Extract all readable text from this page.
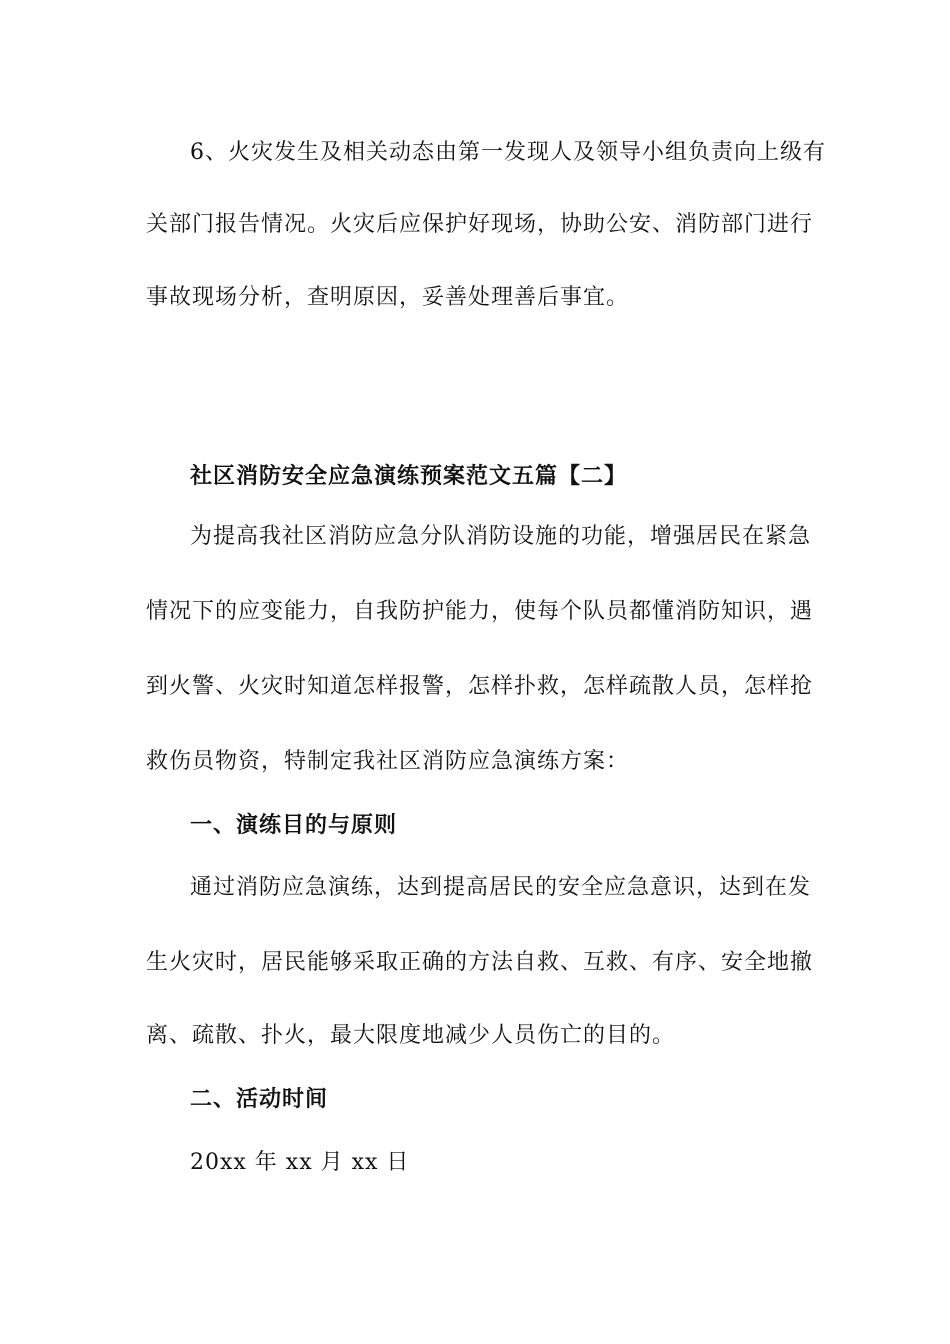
6、火灾发生及相关动态由第一发现人及领导小组负责向上级有
关部门报告情况。火灾后应保护好现场，协助公安、消防部门进行
事故现场分析，查明原因，妥善处理善后事宜。
社区消防安全应急演练预案范文五篇【二】
为提高我社区消防应急分队消防设施的功能，增强居民在紧急
情况下的应变能力，自我防护能力，使每个队员都懂消防知识，遇
到火警、火灾时知道怎样报警，怎样扑救，怎样疏散人员，怎样抢
救伤员物资，特制定我社区消防应急演练方案：
一、演练目的与原则
通过消防应急演练，达到提高居民的安全应急意识，达到在发
生火灾时，居民能够采取正确的方法自救、互救、有序、安全地撤
离、疏散、扑火，最大限度地减少人员伤亡的目的。
二、活动时间
20xx 年 xx 月 xx 日
